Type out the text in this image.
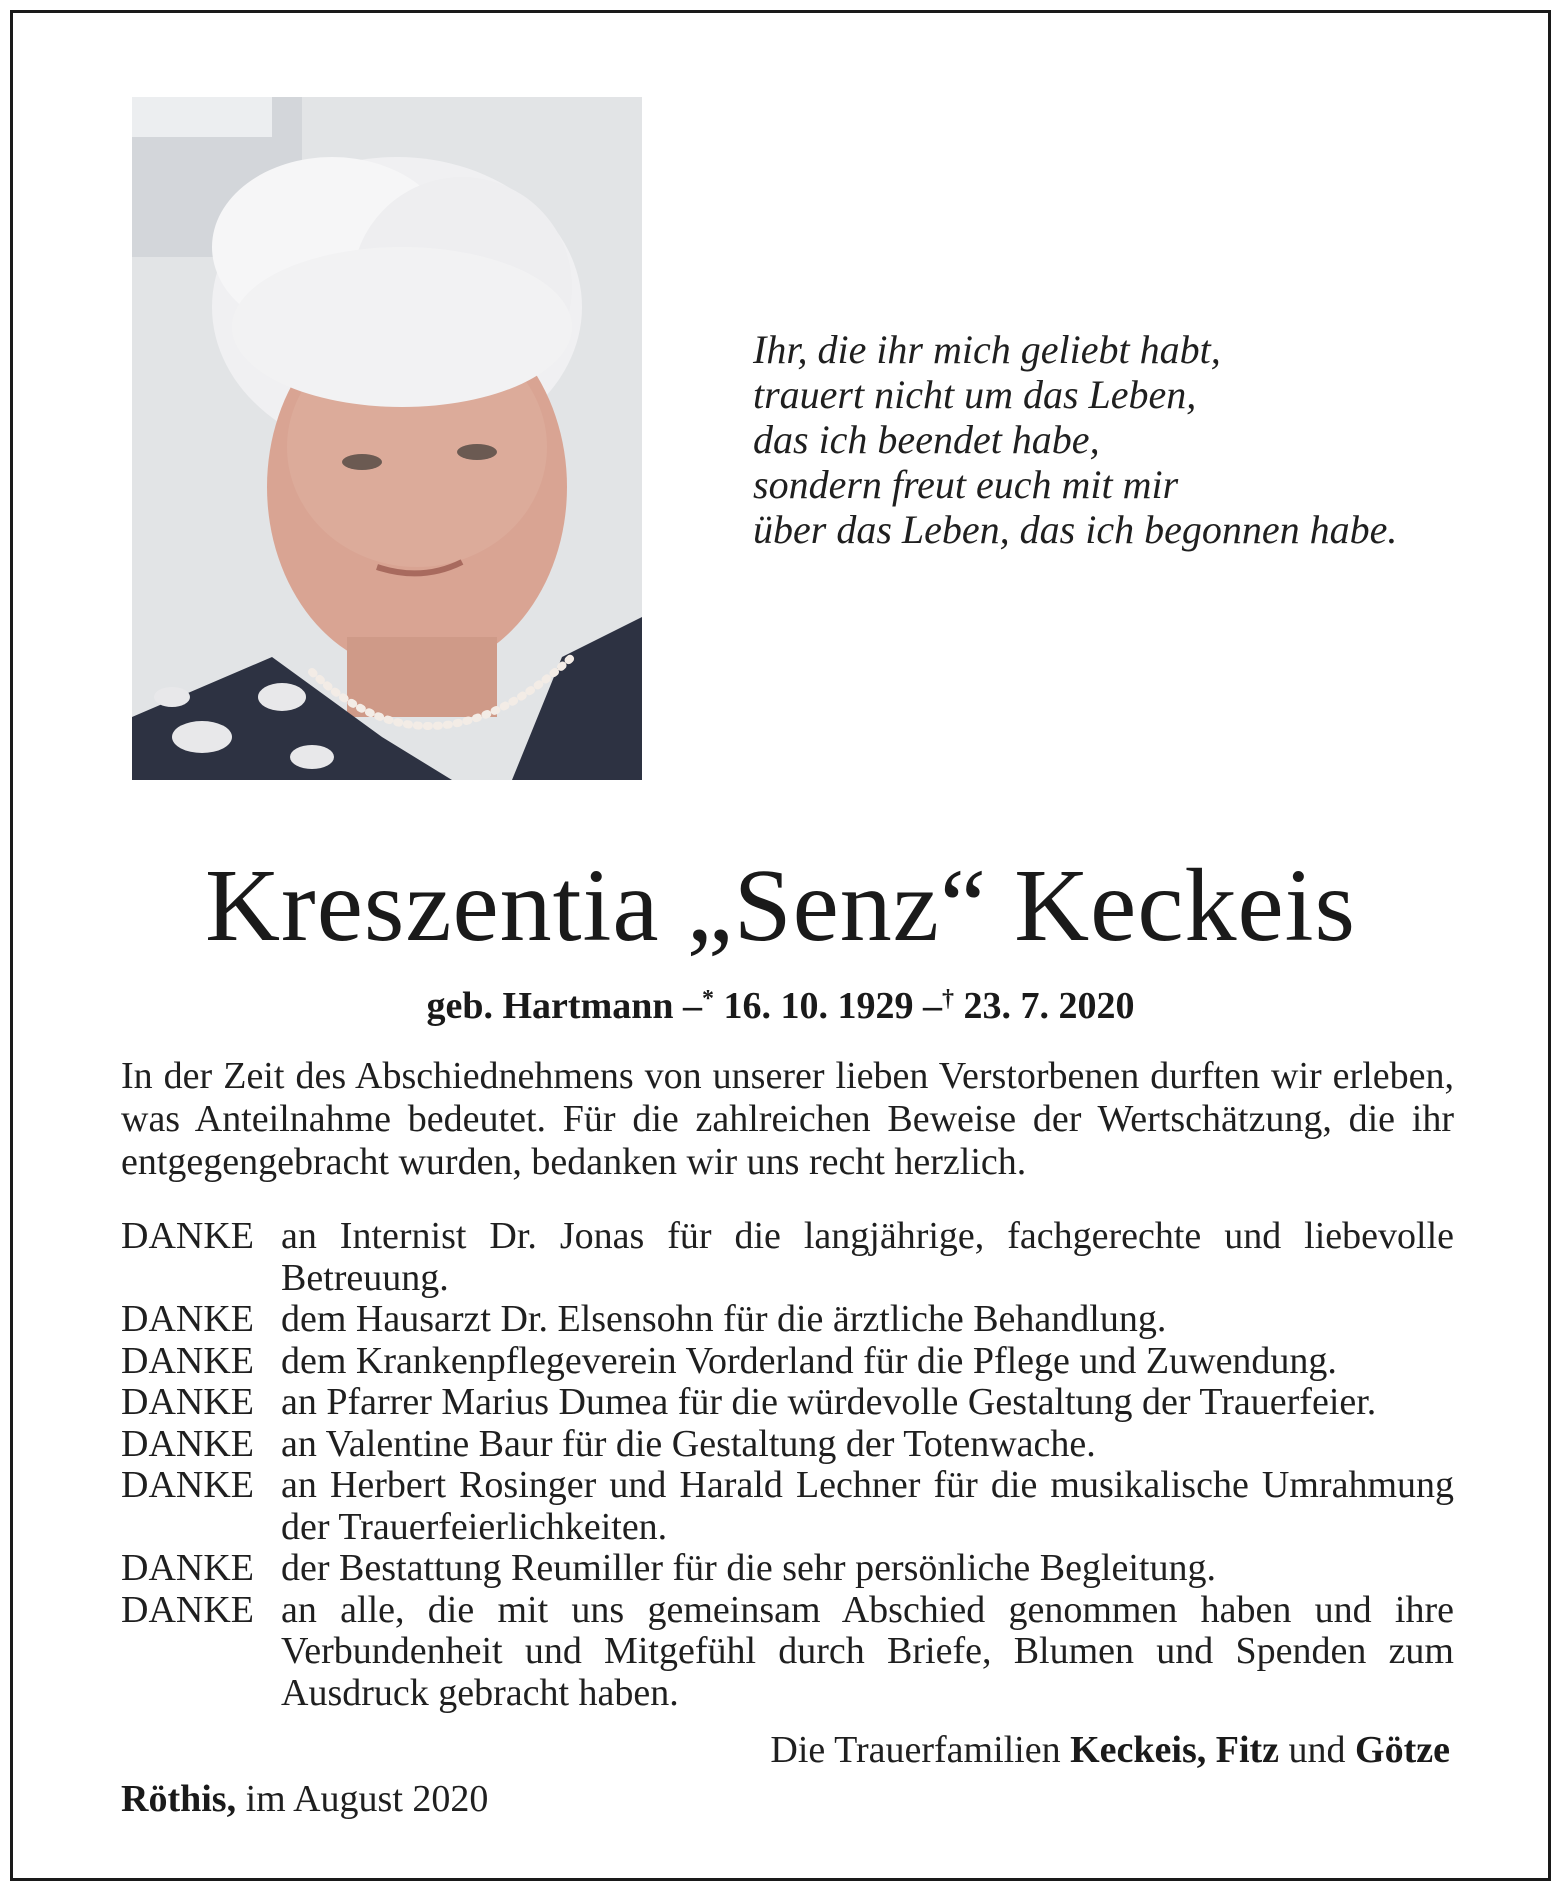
Ihr, die ihr mich geliebt habt,
trauert nicht um das Leben,
das ich beendet habe,
sondern freut euch mit mir
über das Leben, das ich begonnen habe.
Kreszentia „Senz“ Keckeis
geb. Hartmann –* 16. 10. 1929 –† 23. 7. 2020
In der Zeit des Abschiednehmens von unserer lieben Verstorbenen durften wir erleben, was Anteilnahme bedeutet. Für die zahlreichen Beweise der Wertschätzung, die ihr entgegengebracht wurden, bedanken wir uns recht herzlich.
DANKE an Internist Dr. Jonas für die langjährige, fachgerechte und liebevolle Betreuung.
DANKE dem Hausarzt Dr. Elsensohn für die ärztliche Behandlung.
DANKE dem Krankenpflegeverein Vorderland für die Pflege und Zuwendung.
DANKE an Pfarrer Marius Dumea für die würdevolle Gestaltung der Trauerfeier.
DANKE an Valentine Baur für die Gestaltung der Totenwache.
DANKE an Herbert Rosinger und Harald Lechner für die musikalische Umrahmung der Trauerfeierlichkeiten.
DANKE der Bestattung Reumiller für die sehr persönliche Begleitung.
DANKE an alle, die mit uns gemeinsam Abschied genommen haben und ihre Verbundenheit und Mitgefühl durch Briefe, Blumen und Spenden zum Ausdruck gebracht haben.
Die Trauerfamilien Keckeis, Fitz und Götze
Röthis, im August 2020
